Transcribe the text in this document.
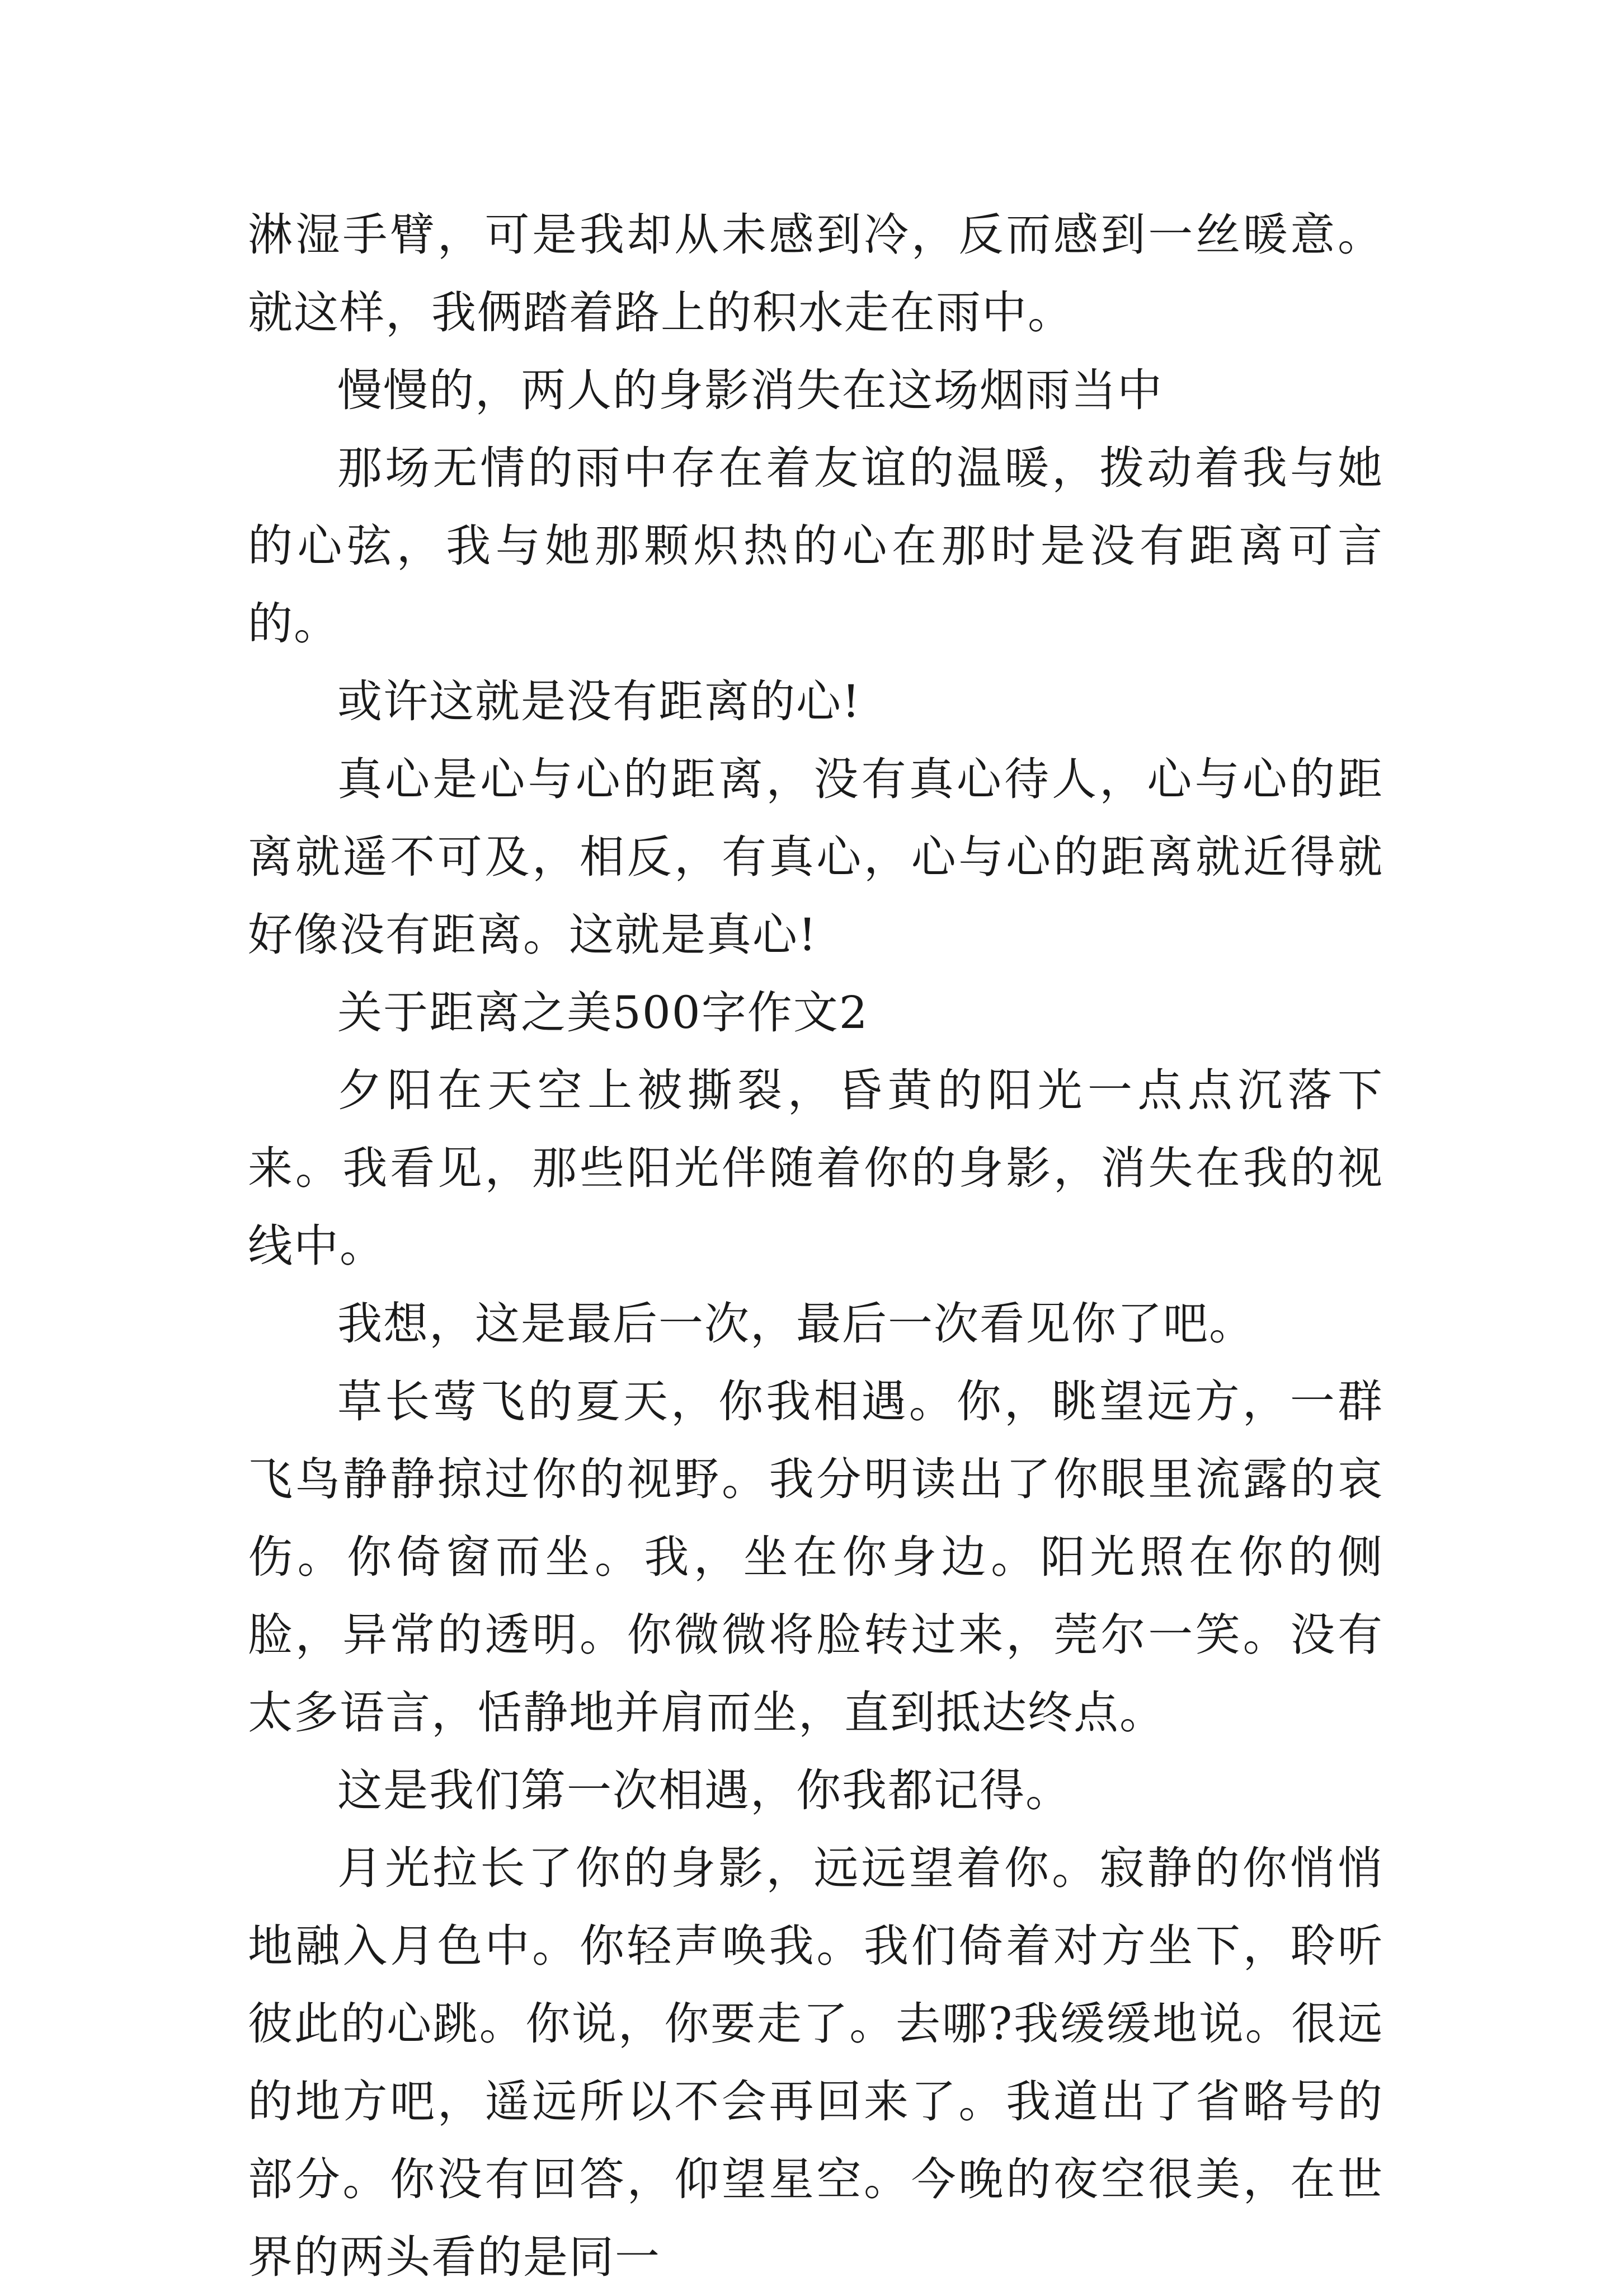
淋湿手臂，可是我却从未感到冷，反而感到一丝暖意。就这样，我俩踏着路上的积水走在雨中。

慢慢的，两人的身影消失在这场烟雨当中

那场无情的雨中存在着友谊的温暖，拨动着我与她的心弦，我与她那颗炽热的心在那时是没有距离可言的。

或许这就是没有距离的心!

真心是心与心的距离，没有真心待人，心与心的距离就遥不可及，相反，有真心，心与心的距离就近得就好像没有距离。这就是真心!

关于距离之美500字作文2

夕阳在天空上被撕裂，昏黄的阳光一点点沉落下来。我看见，那些阳光伴随着你的身影，消失在我的视线中。

我想，这是最后一次，最后一次看见你了吧。

草长莺飞的夏天，你我相遇。你，眺望远方，一群飞鸟静静掠过你的视野。我分明读出了你眼里流露的哀伤。你倚窗而坐。我，坐在你身边。阳光照在你的侧脸，异常的透明。你微微将脸转过来，莞尔一笑。没有太多语言，恬静地并肩而坐，直到抵达终点。

这是我们第一次相遇，你我都记得。

月光拉长了你的身影，远远望着你。寂静的你悄悄地融入月色中。你轻声唤我。我们倚着对方坐下，聆听彼此的心跳。你说，你要走了。去哪?我缓缓地说。很远的地方吧，遥远所以不会再回来了。我道出了省略号的部分。你没有回答，仰望星空。今晚的夜空很美，在世界的两头看的是同一
